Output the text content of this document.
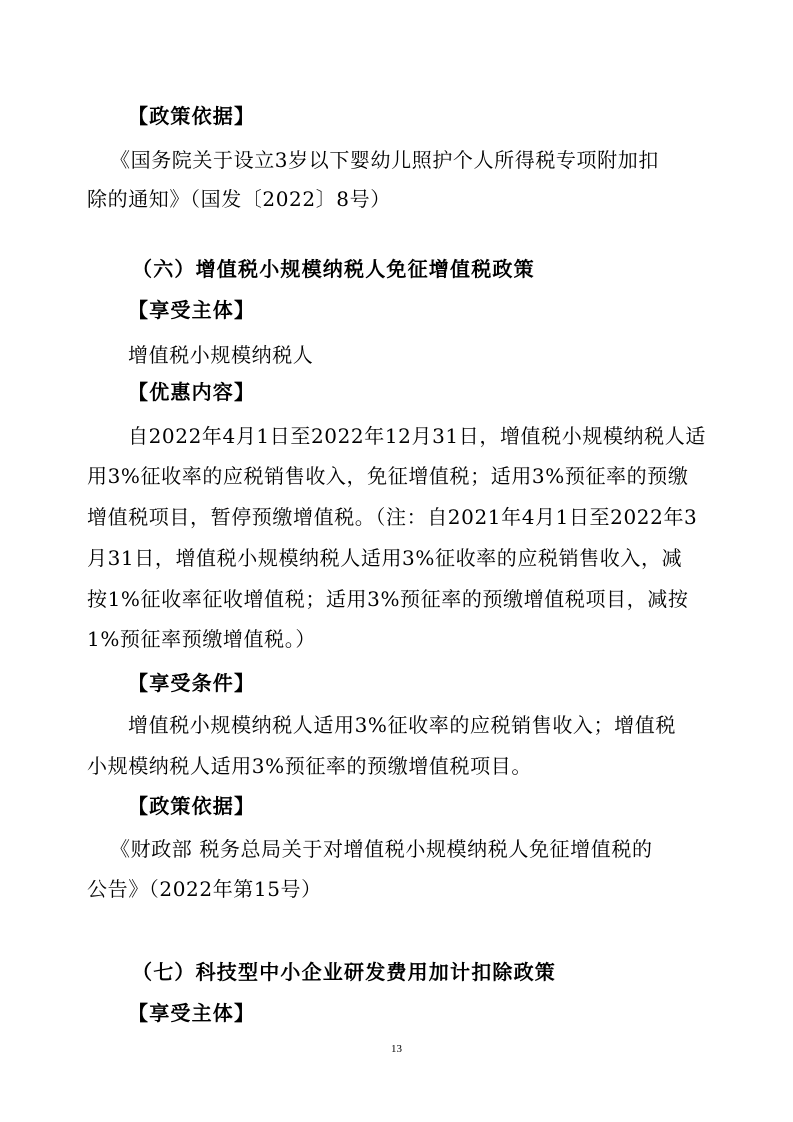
【政策依据】
《国务院关于设立3岁以下婴幼儿照护个人所得税专项附加扣
除的通知》（国发〔2022〕8号）
（六）增值税小规模纳税人免征增值税政策
【享受主体】
增值税小规模纳税人
【优惠内容】
自2022年4月1日至2022年12月31日，增值税小规模纳税人适
用3%征收率的应税销售收入，免征增值税；适用3%预征率的预缴
增值税项目，暂停预缴增值税。（注：自2021年4月1日至2022年3
月31日，增值税小规模纳税人适用3%征收率的应税销售收入，减
按1%征收率征收增值税；适用3%预征率的预缴增值税项目，减按
1%预征率预缴增值税。）
【享受条件】
增值税小规模纳税人适用3%征收率的应税销售收入；增值税
小规模纳税人适用3%预征率的预缴增值税项目。
【政策依据】
《财政部 税务总局关于对增值税小规模纳税人免征增值税的
公告》（2022年第15号）
（七）科技型中小企业研发费用加计扣除政策
【享受主体】
13
